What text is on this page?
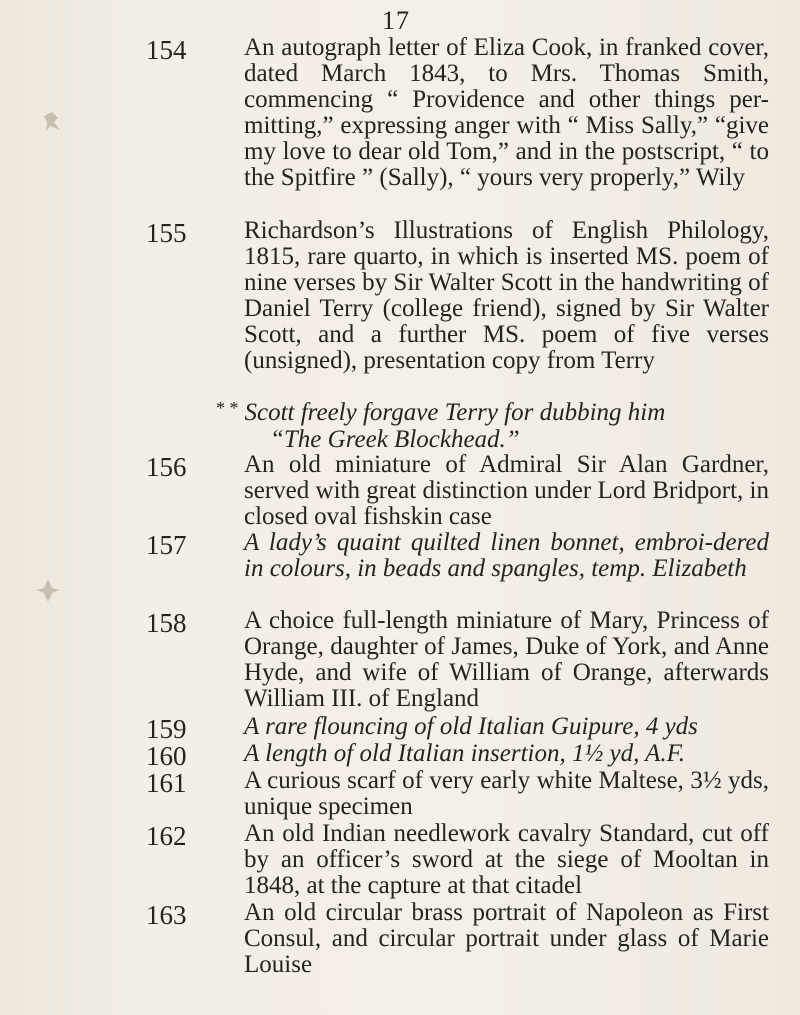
17
154 An autograph letter of Eliza Cook, in franked cover, dated March 1843, to Mrs. Thomas Smith, commencing “ Providence and other things per-mitting,” expressing anger with “ Miss Sally,” “give my love to dear old Tom,” and in the postscript, “ to the Spitfire ” (Sally), “ yours very properly,” Wily
155 Richardson’s Illustrations of English Philology, 1815, rare quarto, in which is inserted MS. poem of nine verses by Sir Walter Scott in the handwriting of Daniel Terry (college friend), signed by Sir Walter Scott, and a further MS. poem of five verses (unsigned), presentation copy from Terry
* * Scott freely forgave Terry for dubbing him
“The Greek Blockhead.”
156 An old miniature of Admiral Sir Alan Gardner, served with great distinction under Lord Bridport, in closed oval fishskin case
157 A lady’s quaint quilted linen bonnet, embroi-dered in colours, in beads and spangles, temp. Elizabeth
158 A choice full-length miniature of Mary, Princess of Orange, daughter of James, Duke of York, and Anne Hyde, and wife of William of Orange, afterwards William III. of England
159 A rare flouncing of old Italian Guipure, 4 yds
160 A length of old Italian insertion, 1½ yd, A.F.
161 A curious scarf of very early white Maltese, 3½ yds, unique specimen
162 An old Indian needlework cavalry Standard, cut off by an officer’s sword at the siege of Mooltan in 1848, at the capture at that citadel
163 An old circular brass portrait of Napoleon as First Consul, and circular portrait under glass of Marie Louise
